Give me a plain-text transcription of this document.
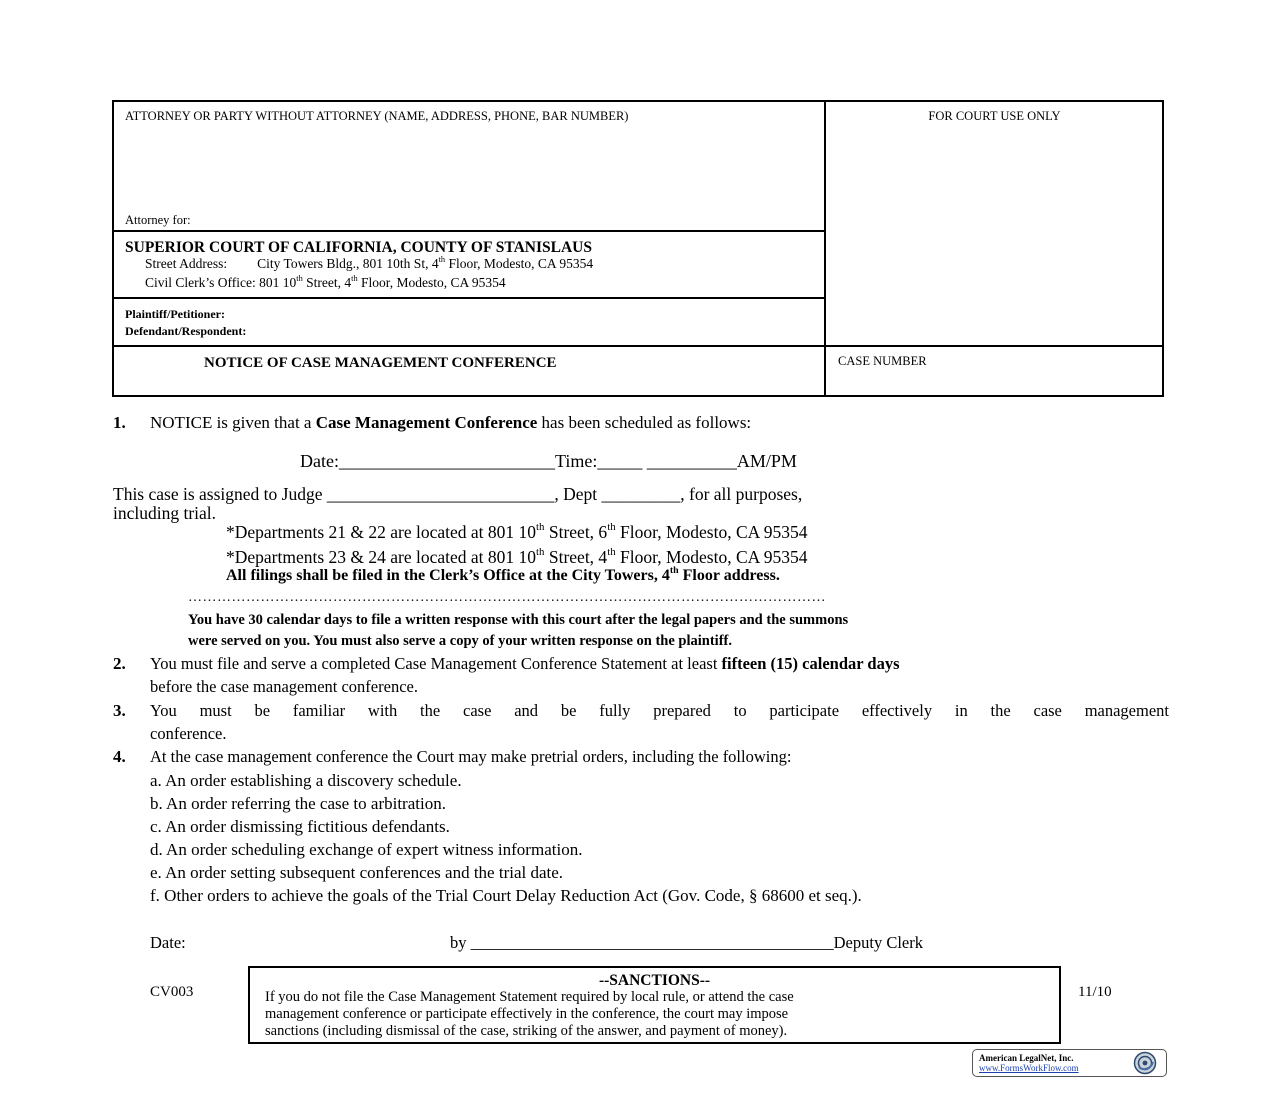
ATTORNEY OR PARTY WITHOUT ATTORNEY (NAME, ADDRESS, PHONE, BAR NUMBER)	FOR COURT USE ONLY
Attorney for:
SUPERIOR COURT OF CALIFORNIA, COUNTY OF STANISLAUS
Street Address: City Towers Bldg., 801 10th St, 4th Floor, Modesto, CA 95354
Civil Clerk’s Office: 801 10th Street, 4th Floor, Modesto, CA 95354
Plaintiff/Petitioner:
Defendant/Respondent:
NOTICE OF CASE MANAGEMENT CONFERENCE	CASE NUMBER
1. NOTICE is given that a Case Management Conference has been scheduled as follows:
Date:________________________Time:_____ __________AM/PM
This case is assigned to Judge __________________________, Dept _________, for all purposes,
including trial.
*Departments 21 & 22 are located at 801 10th Street, 6th Floor, Modesto, CA 95354
*Departments 23 & 24 are located at 801 10th Street, 4th Floor, Modesto, CA 95354
All filings shall be filed in the Clerk’s Office at the City Towers, 4th Floor address.
……………………………………………………………………………………………………………………
You have 30 calendar days to file a written response with this court after the legal papers and the summons
were served on you. You must also serve a copy of your written response on the plaintiff.
2. You must file and serve a completed Case Management Conference Statement at least fifteen (15) calendar days
before the case management conference.
3. You must be familiar with the case and be fully prepared to participate effectively in the case management
conference.
4. At the case management conference the Court may make pretrial orders, including the following:
a. An order establishing a discovery schedule.
b. An order referring the case to arbitration.
c. An order dismissing fictitious defendants.
d. An order scheduling exchange of expert witness information.
e. An order setting subsequent conferences and the trial date.
f. Other orders to achieve the goals of the Trial Court Delay Reduction Act (Gov. Code, § 68600 et seq.).
Date:	by ____________________________________________Deputy Clerk
CV003	11/10
--SANCTIONS--
If you do not file the Case Management Statement required by local rule, or attend the case
management conference or participate effectively in the conference, the court may impose
sanctions (including dismissal of the case, striking of the answer, and payment of money).
American LegalNet, Inc.
www.FormsWorkFlow.com
